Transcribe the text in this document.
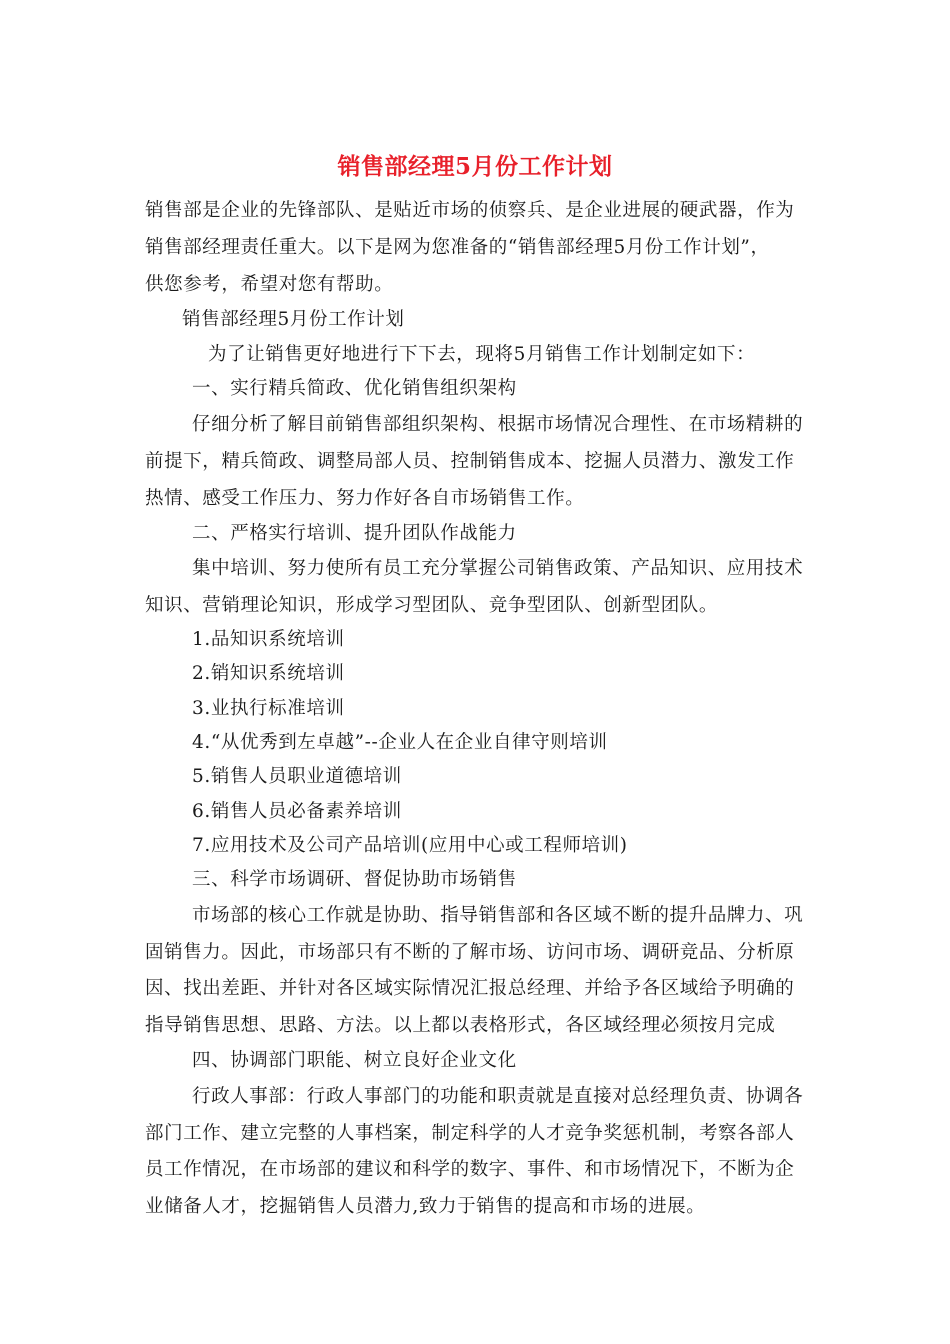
销售部经理5月份工作计划
销售部是企业的先锋部队、是贴近市场的侦察兵、是企业进展的硬武器，作为
销售部经理责任重大。以下是网为您准备的“销售部经理5月份工作计划”，
供您参考，希望对您有帮助。
销售部经理5月份工作计划
为了让销售更好地进行下下去，现将5月销售工作计划制定如下：
一、实行精兵简政、优化销售组织架构
仔细分析了解目前销售部组织架构、根据市场情况合理性、在市场精耕的
前提下，精兵简政、调整局部人员、控制销售成本、挖掘人员潜力、激发工作
热情、感受工作压力、努力作好各自市场销售工作。
二、严格实行培训、提升团队作战能力
集中培训、努力使所有员工充分掌握公司销售政策、产品知识、应用技术
知识、营销理论知识，形成学习型团队、竞争型团队、创新型团队。
1.品知识系统培训
2.销知识系统培训
3.业执行标准培训
4.“从优秀到左卓越”--企业人在企业自律守则培训
5.销售人员职业道德培训
6.销售人员必备素养培训
7.应用技术及公司产品培训(应用中心或工程师培训)
三、科学市场调研、督促协助市场销售
市场部的核心工作就是协助、指导销售部和各区域不断的提升品牌力、巩
固销售力。因此，市场部只有不断的了解市场、访问市场、调研竞品、分析原
因、找出差距、并针对各区域实际情况汇报总经理、并给予各区域给予明确的
指导销售思想、思路、方法。以上都以表格形式，各区域经理必须按月完成
四、协调部门职能、树立良好企业文化
行政人事部：行政人事部门的功能和职责就是直接对总经理负责、协调各
部门工作、建立完整的人事档案，制定科学的人才竞争奖惩机制，考察各部人
员工作情况，在市场部的建议和科学的数字、事件、和市场情况下，不断为企
业储备人才，挖掘销售人员潜力,致力于销售的提高和市场的进展。
